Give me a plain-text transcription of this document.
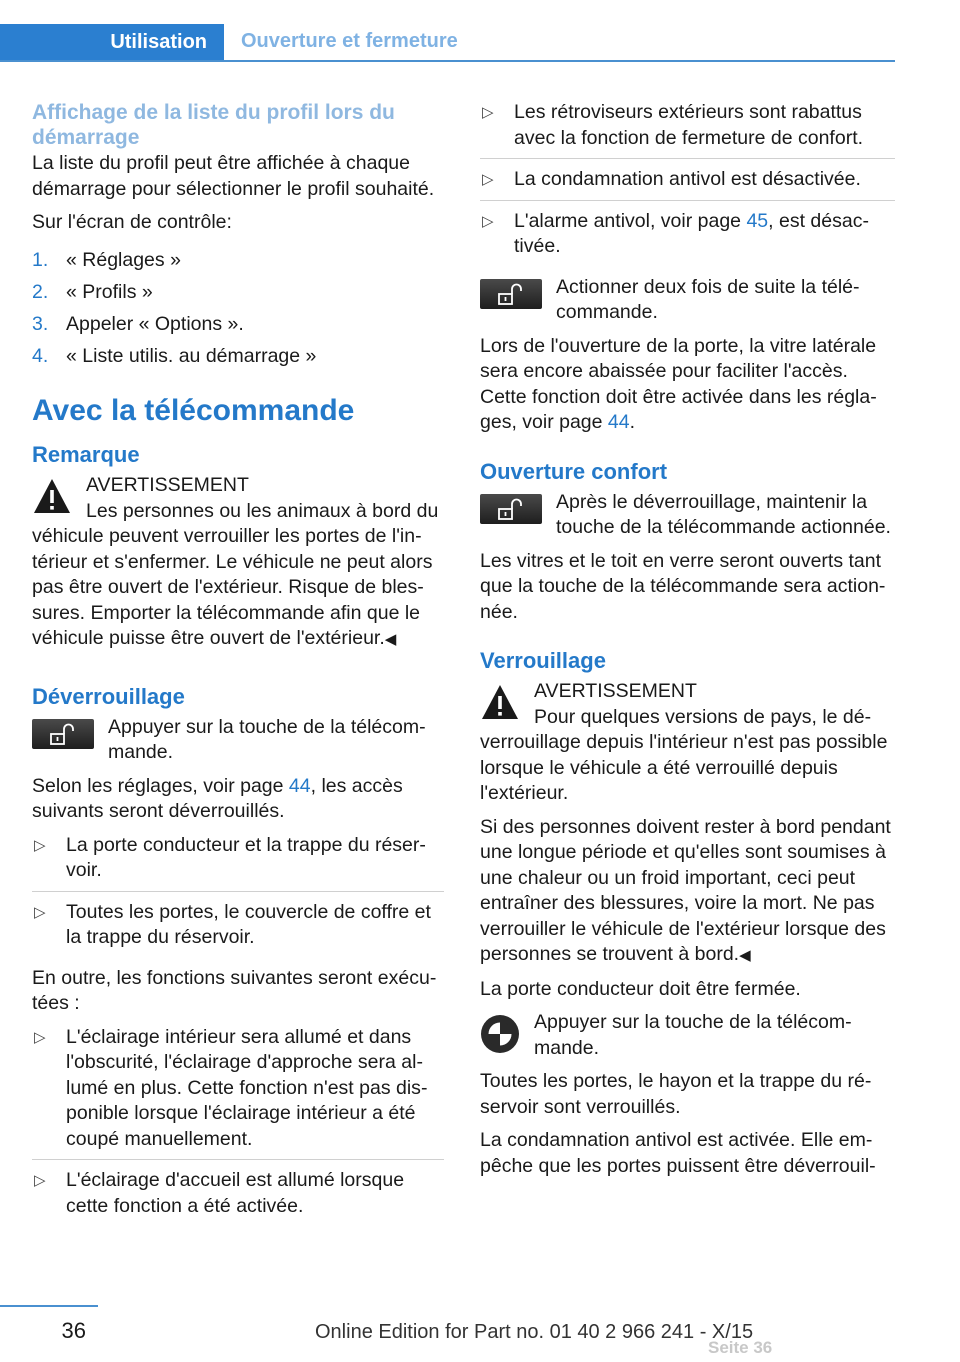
Utilisation	Ouverture et fermeture
Affichage de la liste du profil lors du démarrage

La liste du profil peut être affichée à chaque démarrage pour sélectionner le profil souhaité.

Sur l'écran de contrôle:

1. « Réglages »
2. « Profils »
3. Appeler « Options ».
4. « Liste utilis. au démarrage »
Avec la télécommande
Remarque

AVERTISSEMENT

Les personnes ou les animaux à bord du véhicule peuvent verrouiller les portes de l'intérieur et s'enfermer. Le véhicule ne peut alors pas être ouvert de l'extérieur. Risque de blessures. Emporter la télécommande afin que le véhicule puisse être ouvert de l'extérieur.◀

Déverrouillage

Appuyer sur la touche de la télécommande.

Selon les réglages, voir page 44, les accès suivants seront déverrouillés.

▷ La porte conducteur et la trappe du réservoir.
▷ Toutes les portes, le couvercle de coffre et la trappe du réservoir.

En outre, les fonctions suivantes seront exécutées :

▷ L'éclairage intérieur sera allumé et dans l'obscurité, l'éclairage d'approche sera allumé en plus. Cette fonction n'est pas disponible lorsque l'éclairage intérieur a été coupé manuellement.
▷ L'éclairage d'accueil est allumé lorsque cette fonction a été activée.
▷ Les rétroviseurs extérieurs sont rabattus avec la fonction de fermeture de confort.
▷ La condamnation antivol est désactivée.
▷ L'alarme antivol, voir page 45, est désactivée.

Actionner deux fois de suite la télécommande.

Lors de l'ouverture de la porte, la vitre latérale sera encore abaissée pour faciliter l'accès. Cette fonction doit être activée dans les réglages, voir page 44.

Ouverture confort

Après le déverrouillage, maintenir la touche de la télécommande actionnée.

Les vitres et le toit en verre seront ouverts tant que la touche de la télécommande sera actionnée.

Verrouillage

AVERTISSEMENT

Pour quelques versions de pays, le déverrouillage depuis l'intérieur n'est pas possible lorsque le véhicule a été verrouillé depuis l'extérieur.

Si des personnes doivent rester à bord pendant une longue période et qu'elles sont soumises à une chaleur ou un froid important, ceci peut entraîner des blessures, voire la mort. Ne pas verrouiller le véhicule de l'extérieur lorsque des personnes se trouvent à bord.◀

La porte conducteur doit être fermée.

Appuyer sur la touche de la télécommande.

Toutes les portes, le hayon et la trappe du réservoir sont verrouillés.

La condamnation antivol est activée. Elle empêche que les portes puissent être déverrouil-

36	Online Edition for Part no. 01 40 2 966 241 - X/15
Seite 36
